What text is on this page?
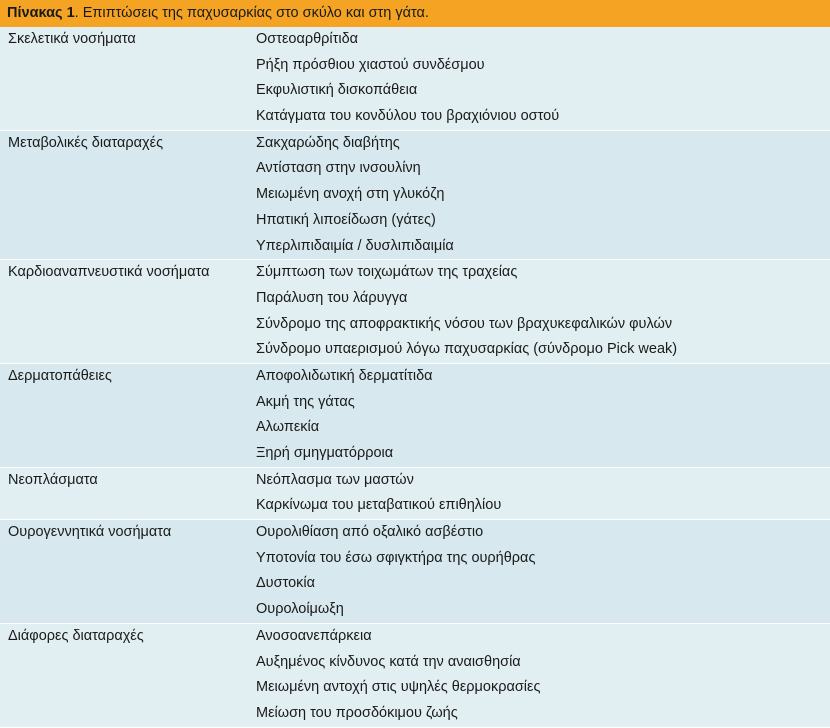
Πίνακας 1. Επιπτώσεις της παχυσαρκίας στο σκύλο και στη γάτα.
Σκελετικά νοσήματα	Οστεοαρθρίτιδα
Ρήξη πρόσθιου χιαστού συνδέσμου
Εκφυλιστική δισκοπάθεια
Κατάγματα του κονδύλου του βραχιόνιου οστού
Μεταβολικές διαταραχές	Σακχαρώδης διαβήτης
Αντίσταση στην ινσουλίνη
Μειωμένη ανοχή στη γλυκόζη
Ηπατική λιποείδωση (γάτες)
Υπερλιπιδαιμία / δυσλιπιδαιμία
Καρδιοαναπνευστικά νοσήματα	Σύμπτωση των τοιχωμάτων της τραχείας
Παράλυση του λάρυγγα
Σύνδρομο της αποφρακτικής νόσου των βραχυκεφαλικών φυλών
Σύνδρομο υπαερισμού λόγω παχυσαρκίας (σύνδρομο Pick weak)
Δερματοπάθειες	Αποφολιδωτική δερματίτιδα
Ακμή της γάτας
Αλωπεκία
Ξηρή σμηγματόρροια
Νεοπλάσματα	Νεόπλασμα των μαστών
Καρκίνωμα του μεταβατικού επιθηλίου
Ουρογεννητικά νοσήματα	Ουρολιθίαση από οξαλικό ασβέστιο
Υποτονία του έσω σφιγκτήρα της ουρήθρας
Δυστοκία
Ουρολοίμωξη
Διάφορες διαταραχές	Ανοσοανεπάρκεια
Αυξημένος κίνδυνος κατά την αναισθησία
Μειωμένη αντοχή στις υψηλές θερμοκρασίες
Μείωση του προσδόκιμου ζωής
